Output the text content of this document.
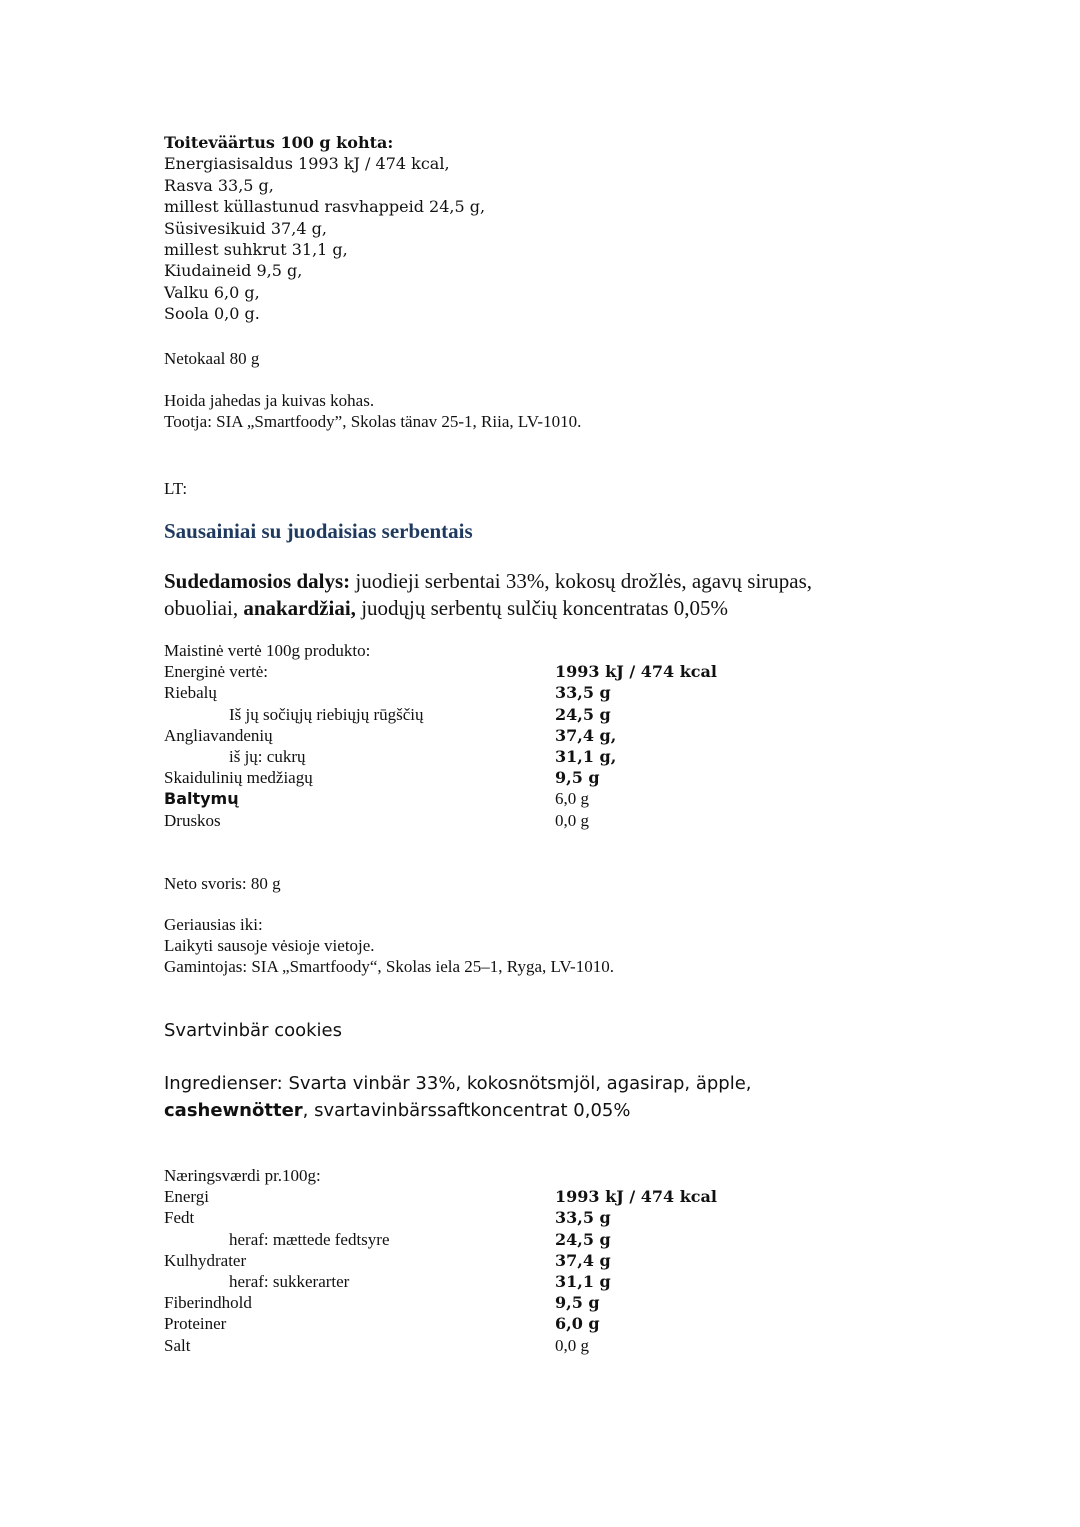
Toiteväärtus 100 g kohta:
Energiasisaldus 1993 kJ / 474 kcal,
Rasva 33,5 g,
millest küllastunud rasvhappeid 24,5 g,
Süsivesikuid 37,4 g,
millest suhkrut 31,1 g,
Kiudaineid 9,5 g,
Valku 6,0 g,
Soola 0,0 g.
Netokaal 80 g
Hoida jahedas ja kuivas kohas.
Tootja: SIA „Smartfoody”, Skolas tänav 25-1, Riia, LV-1010.
LT:
Sausainiai su juodaisias serbentais
Sudedamosios dalys: juodieji serbentai 33%, kokosų drožlės, agavų sirupas, obuoliai, anakardžiai, juodųjų serbentų sulčių koncentratas 0,05%
Maistinė vertė 100g produkto:
Energinė vertė:	1993 kJ / 474 kcal
Riebalų	33,5 g
Iš jų sočiųjų riebiųjų rūgščių	24,5 g
Angliavandenių	37,4 g,
iš jų: cukrų	31,1 g,
Skaidulinių medžiagų	9,5 g
Baltymų	6,0 g
Druskos	0,0 g
Neto svoris: 80 g
Geriausias iki:
Laikyti sausoje vėsioje vietoje.
Gamintojas: SIA „Smartfoody“, Skolas iela 25–1, Ryga, LV-1010.
Svartvinbär cookies
Ingredienser: Svarta vinbär 33%, kokosnötsmjöl, agasirap, äpple, cashewnötter, svartavinbärssaftkoncentrat 0,05%
Næringsværdi pr.100g:
Energi	1993 kJ / 474 kcal
Fedt	33,5 g
heraf: mættede fedtsyre	24,5 g
Kulhydrater	37,4 g
heraf: sukkerarter	31,1 g
Fiberindhold	9,5 g
Proteiner	6,0 g
Salt	0,0 g
